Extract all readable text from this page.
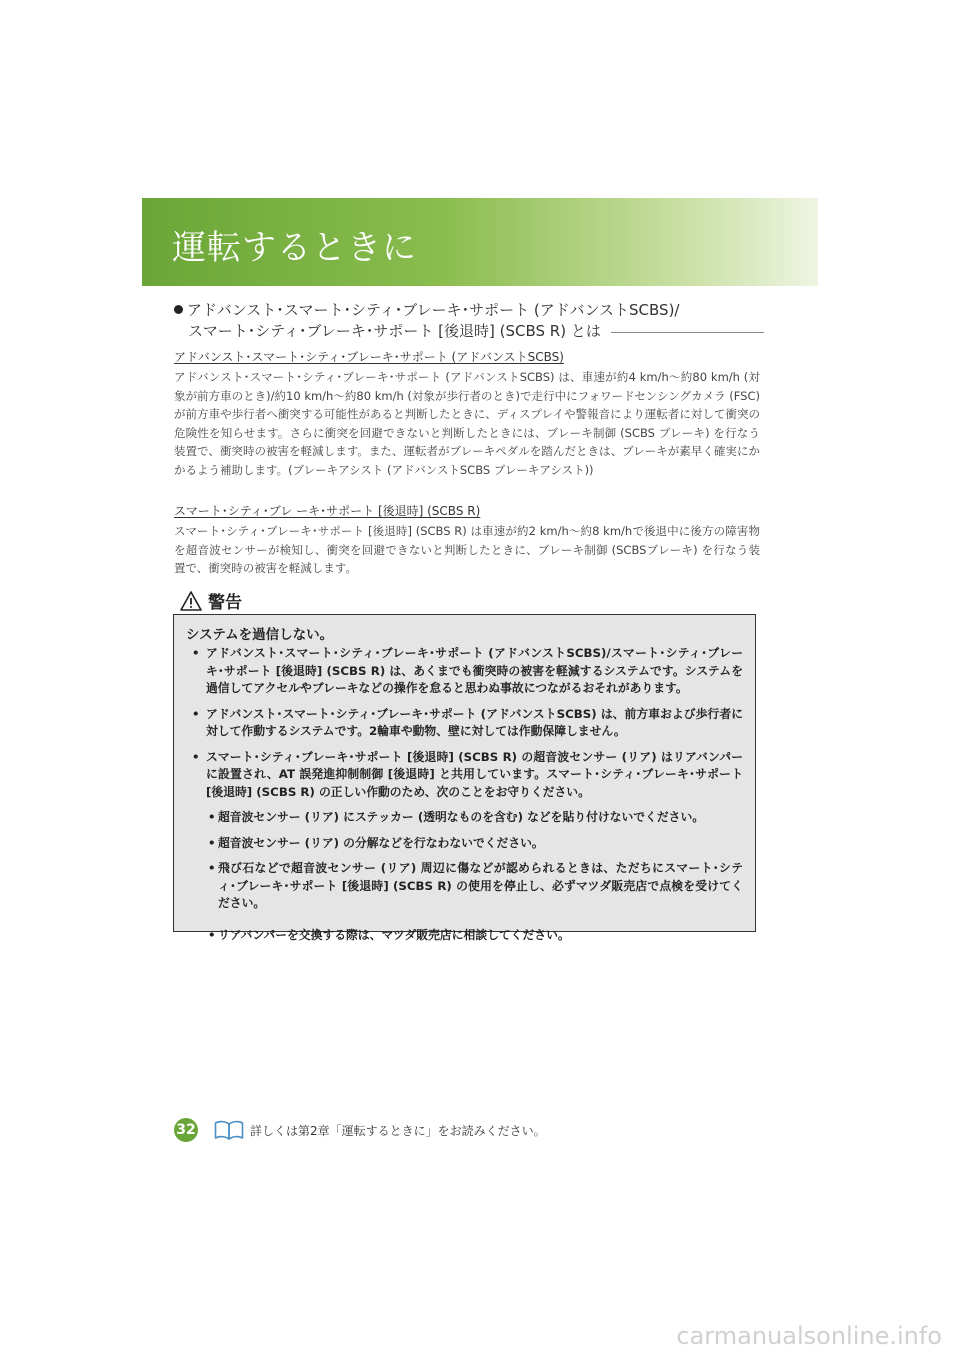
運転するときに
アドバンスト･スマート･シティ･ブレーキ･サポート (アドバンストSCBS)/
スマート･シティ･ブレーキ･サポート [後退時] (SCBS R) とは
アドバンスト･スマート･シティ･ブレーキ･サポート (アドバンストSCBS)
アドバンスト･スマート･シティ･ブレーキ･サポート (アドバンストSCBS) は、車速が約4 km/h〜約80 km/h (対象が前方車のとき)/約10 km/h〜約80 km/h (対象が歩行者のとき)で走行中にフォワードセンシングカメラ (FSC) が前方車や歩行者へ衝突する可能性があると判断したときに、ディスプレイや警報音により運転者に対して衝突の危険性を知らせます。さらに衝突を回避できないと判断したときには、ブレーキ制御 (SCBS ブレーキ) を行なう装置で、衝突時の被害を軽減します。また、運転者がブレーキペダルを踏んだときは、ブレーキが素早く確実にかかるよう補助します。(ブレーキアシスト (アドバンストSCBS ブレーキアシスト))
スマート･シティ･ブレ ーキ･サポート [後退時] (SCBS R)
スマート･シティ･ブレーキ･サポート [後退時] (SCBS R) は車速が約2 km/h〜約8 km/hで後退中に後方の障害物を超音波センサーが検知し、衝突を回避できないと判断したときに、ブレーキ制御 (SCBSブレーキ) を行なう装置で、衝突時の被害を軽減します。
警告
システムを過信しない。
• アドバンスト･スマート･シティ･ブレーキ･サポート (アドバンストSCBS)/スマート･シティ･ブレーキ･サポート [後退時] (SCBS R) は、あくまでも衝突時の被害を軽減するシステムです。システムを過信してアクセルやブレーキなどの操作を怠ると思わぬ事故につながるおそれがあります。
• アドバンスト･スマート･シティ･ブレーキ･サポート (アドバンストSCBS) は、前方車および歩行者に対して作動するシステムです。2輪車や動物、壁に対しては作動保障しません。
• スマート･シティ･ブレーキ･サポート [後退時] (SCBS R) の超音波センサー (リア) はリアバンパーに設置され、AT 誤発進抑制制御 [後退時] と共用しています。スマート･シティ･ブレーキ･サポート [後退時] (SCBS R) の正しい作動のため、次のことをお守りください。
• 超音波センサー (リア) にステッカー (透明なものを含む) などを貼り付けないでください。
• 超音波センサー (リア) の分解などを行なわないでください。
• 飛び石などで超音波センサー (リア) 周辺に傷などが認められるときは、ただちにスマート･シティ･ブレーキ･サポート [後退時] (SCBS R) の使用を停止し、必ずマツダ販売店で点検を受けてください。
• リアバンパーを交換する際は、マツダ販売店に相談してください。
32	詳しくは第2章「運転するときに」をお読みください。
carmanualsonline.info
